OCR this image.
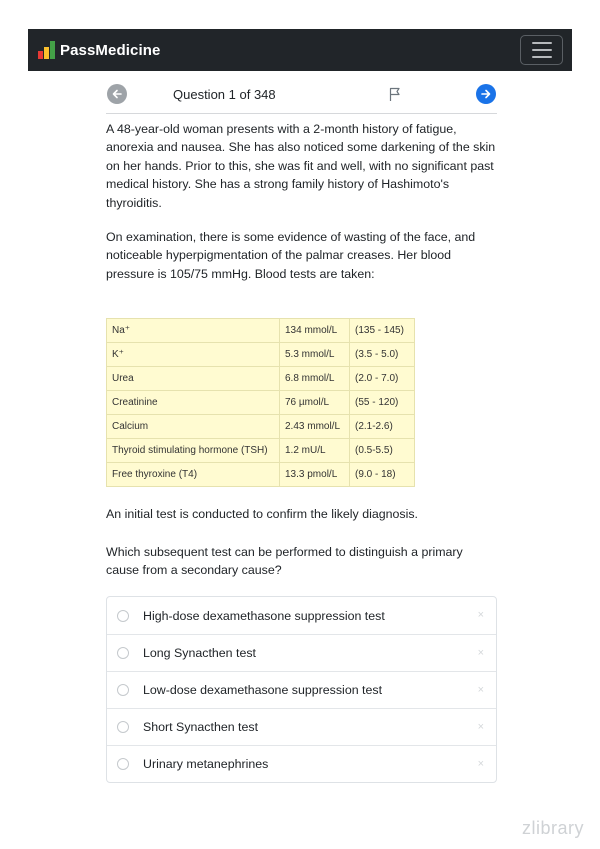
PassMedicine
Question 1 of 348

A 48-year-old woman presents with a 2-month history of fatigue, anorexia and nausea. She has also noticed some darkening of the skin on her hands. Prior to this, she was fit and well, with no significant past medical history. She has a strong family history of Hashimoto's thyroiditis.

On examination, there is some evidence of wasting of the face, and noticeable hyperpigmentation of the palmar creases. Her blood pressure is 105/75 mmHg. Blood tests are taken:

Na⁺	134 mmol/L	(135 - 145)
K⁺	5.3 mmol/L	(3.5 - 5.0)
Urea	6.8 mmol/L	(2.0 - 7.0)
Creatinine	76 µmol/L	(55 - 120)
Calcium	2.43 mmol/L	(2.1-2.6)
Thyroid stimulating hormone (TSH)	1.2 mU/L	(0.5-5.5)
Free thyroxine (T4)	13.3 pmol/L	(9.0 - 18)

An initial test is conducted to confirm the likely diagnosis.

Which subsequent test can be performed to distinguish a primary cause from a secondary cause?

High-dose dexamethasone suppression test	×
Long Synacthen test	×
Low-dose dexamethasone suppression test	×
Short Synacthen test	×
Urinary metanephrines	×
zlibrary
